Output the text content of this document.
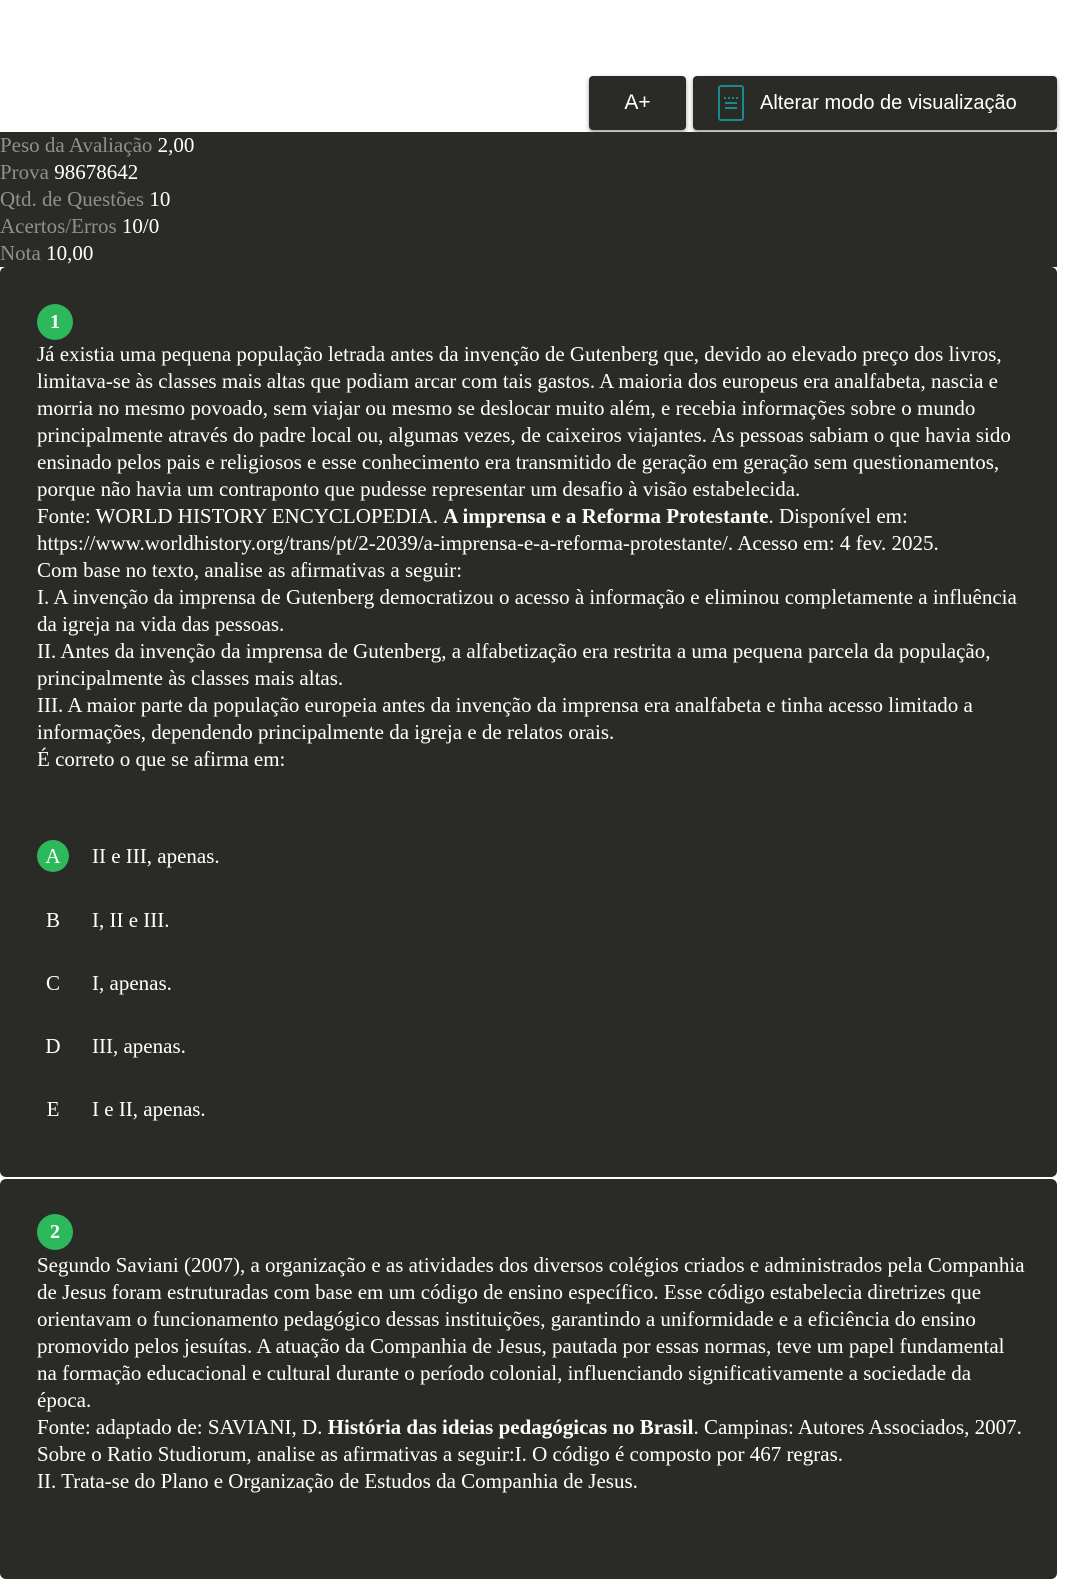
A+	Alterar modo de visualização
Peso da Avaliação 2,00
Prova 98678642
Qtd. de Questões 10
Acertos/Erros 10/0
Nota 10,00
1

Já existia uma pequena população letrada antes da invenção de Gutenberg que, devido ao elevado preço dos livros, limitava-se às classes mais altas que podiam arcar com tais gastos. A maioria dos europeus era analfabeta, nascia e morria no mesmo povoado, sem viajar ou mesmo se deslocar muito além, e recebia informações sobre o mundo principalmente através do padre local ou, algumas vezes, de caixeiros viajantes. As pessoas sabiam o que havia sido ensinado pelos pais e religiosos e esse conhecimento era transmitido de geração em geração sem questionamentos, porque não havia um contraponto que pudesse representar um desafio à visão estabelecida.

Fonte: WORLD HISTORY ENCYCLOPEDIA. A imprensa e a Reforma Protestante. Disponível em: https://www.worldhistory.org/trans/pt/2-2039/a-imprensa-e-a-reforma-protestante/. Acesso em: 4 fev. 2025.

Com base no texto, analise as afirmativas a seguir:

I. A invenção da imprensa de Gutenberg democratizou o acesso à informação e eliminou completamente a influência da igreja na vida das pessoas.

II. Antes da invenção da imprensa de Gutenberg, a alfabetização era restrita a uma pequena parcela da população, principalmente às classes mais altas.

III. A maior parte da população europeia antes da invenção da imprensa era analfabeta e tinha acesso limitado a informações, dependendo principalmente da igreja e de relatos orais.

É correto o que se afirma em:

A	II e III, apenas.
B	I, II e III.
C	I, apenas.
D	III, apenas.
E	I e II, apenas.
2

Segundo Saviani (2007), a organização e as atividades dos diversos colégios criados e administrados pela Companhia de Jesus foram estruturadas com base em um código de ensino específico. Esse código estabelecia diretrizes que orientavam o funcionamento pedagógico dessas instituições, garantindo a uniformidade e a eficiência do ensino promovido pelos jesuítas. A atuação da Companhia de Jesus, pautada por essas normas, teve um papel fundamental na formação educacional e cultural durante o período colonial, influenciando significativamente a sociedade da época.

Fonte: adaptado de: SAVIANI, D. História das ideias pedagógicas no Brasil. Campinas: Autores Associados, 2007.

Sobre o Ratio Studiorum, analise as afirmativas a seguir:I. O código é composto por 467 regras.

II. Trata-se do Plano e Organização de Estudos da Companhia de Jesus.
